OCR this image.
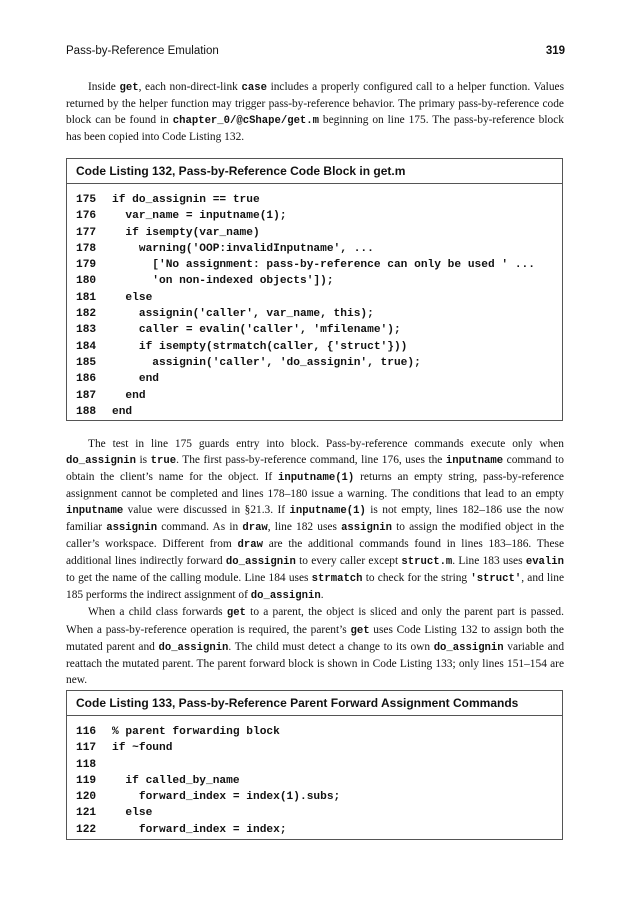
Pass-by-Reference Emulation	319

Inside get, each non-direct-link case includes a properly configured call to a helper function. Values returned by the helper function may trigger pass-by-reference behavior. The primary pass-by-reference code block can be found in chapter_0/@cShape/get.m beginning on line 175. The pass-by-reference block has been copied into Code Listing 132.

Code Listing 132, Pass-by-Reference Code Block in get.m
175 if do_assignin == true
176  var_name = inputname(1);
177  if isempty(var_name)
178    warning('OOP:invalidInputname', ...
179      ['No assignment: pass-by-reference can only be used ' ...
180      'on non-indexed objects']);
181  else
182    assignin('caller', var_name, this);
183    caller = evalin('caller', 'mfilename');
184    if isempty(strmatch(caller, {'struct'}))
185      assignin('caller', 'do_assignin', true);
186    end
187  end
188 end

The test in line 175 guards entry into block. Pass-by-reference commands execute only when do_assignin is true. The first pass-by-reference command, line 176, uses the inputname command to obtain the client’s name for the object. If inputname(1) returns an empty string, pass-by-reference assignment cannot be completed and lines 178–180 issue a warning. The conditions that lead to an empty inputname value were discussed in §21.3. If inputname(1) is not empty, lines 182–186 use the now familiar assignin command. As in draw, line 182 uses assignin to assign the modified object in the caller’s workspace. Different from draw are the additional commands found in lines 183–186. These additional lines indirectly forward do_assignin to every caller except struct.m. Line 183 uses evalin to get the name of the calling module. Line 184 uses strmatch to check for the string 'struct', and line 185 performs the indirect assignment of do_assignin.
When a child class forwards get to a parent, the object is sliced and only the parent part is passed. When a pass-by-reference operation is required, the parent’s get uses Code Listing 132 to assign both the mutated parent and do_assignin. The child must detect a change to its own do_assignin variable and reattach the mutated parent. The parent forward block is shown in Code Listing 133; only lines 151–154 are new.

Code Listing 133, Pass-by-Reference Parent Forward Assignment Commands
116 % parent forwarding block
117 if ~found
118
119  if called_by_name
120    forward_index = index(1).subs;
121  else
122    forward_index = index;
